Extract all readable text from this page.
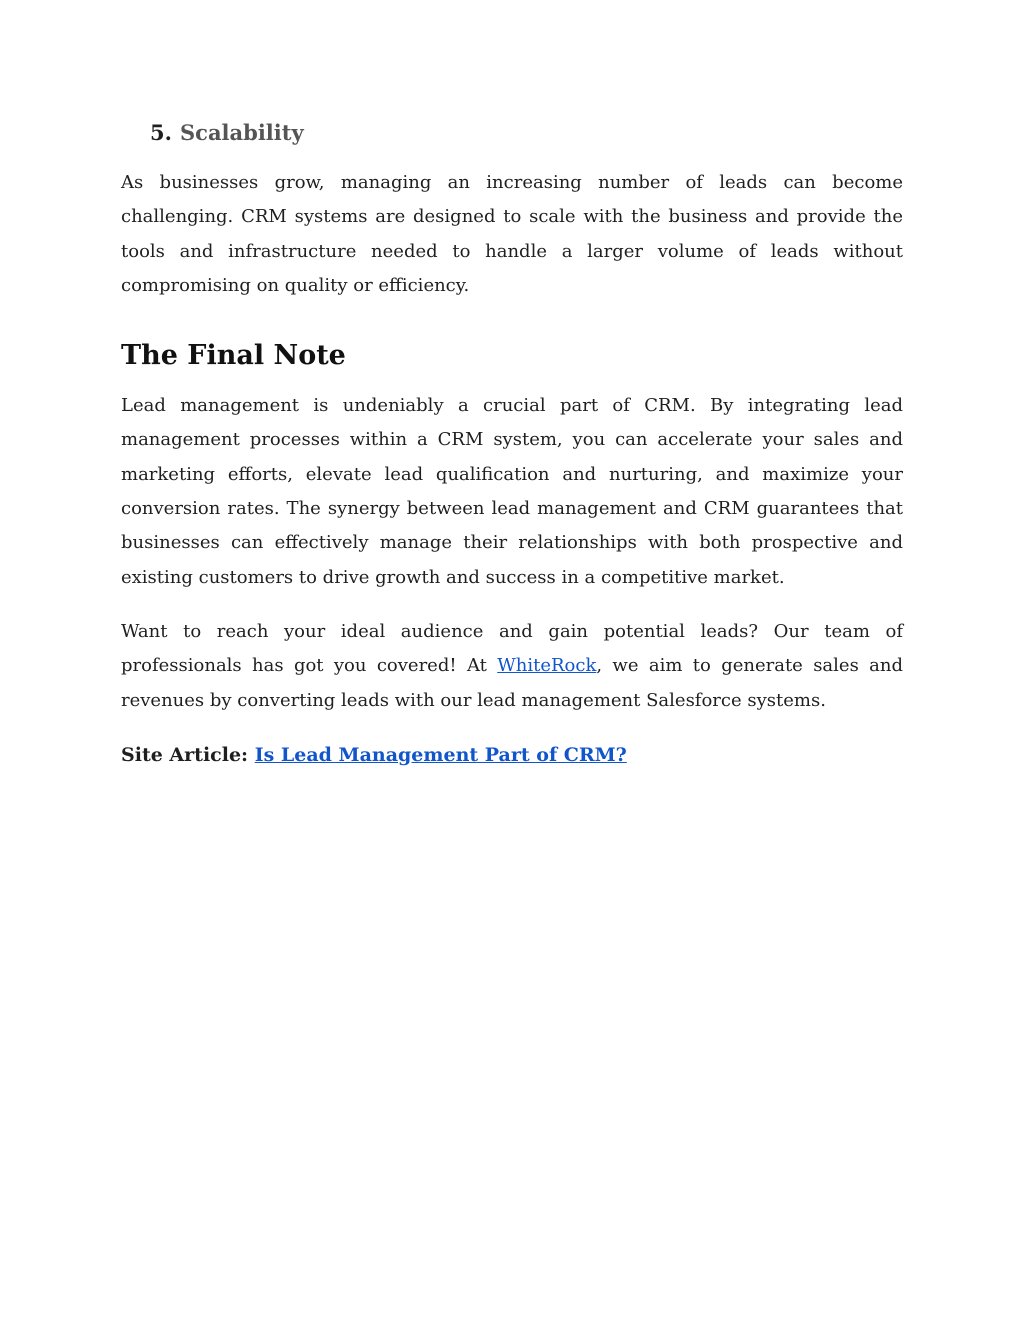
5. Scalability

As businesses grow, managing an increasing number of leads can become challenging. CRM systems are designed to scale with the business and provide the tools and infrastructure needed to handle a larger volume of leads without compromising on quality or efficiency.

The Final Note

Lead management is undeniably a crucial part of CRM. By integrating lead management processes within a CRM system, you can accelerate your sales and marketing efforts, elevate lead qualification and nurturing, and maximize your conversion rates. The synergy between lead management and CRM guarantees that businesses can effectively manage their relationships with both prospective and existing customers to drive growth and success in a competitive market.

Want to reach your ideal audience and gain potential leads? Our team of professionals has got you covered! At WhiteRock, we aim to generate sales and revenues by converting leads with our lead management Salesforce systems.

Site Article: Is Lead Management Part of CRM?
